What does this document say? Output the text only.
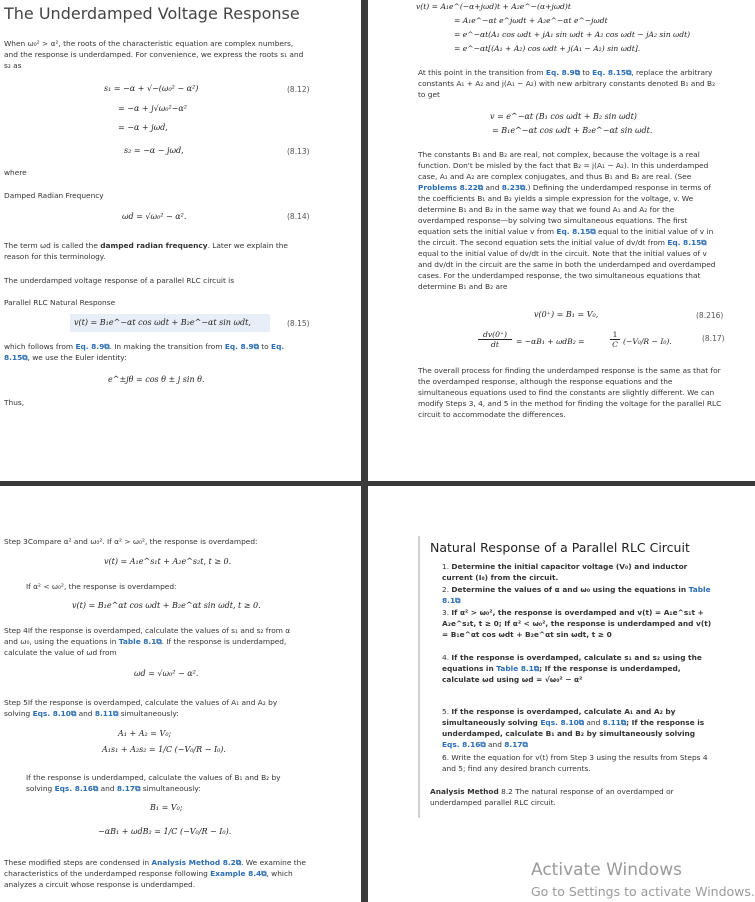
The Underdamped Voltage Response
When ω₀² > α², the roots of the characteristic equation are complex numbers, and the response is underdamped. For convenience, we express the roots s₁ and s₂ as
s₁ = −α + √−(ω₀² − α²)	(8.12)
= −α + j√ω₀²−α²
= −α + jωd,
s₂ = −α − jωd,	(8.13)
where
Damped Radian Frequency
ωd = √ω₀² − α².	(8.14)
The term ωd is called the damped radian frequency. Later we explain the reason for this terminology.
The underdamped voltage response of a parallel RLC circuit is
Parallel RLC Natural Response
v(t) = B₁e^−αt cos ωdt + B₂e^−αt sin ωdt,	(8.15)
which follows from Eq. 8.9⧉. In making the transition from Eq. 8.9⧉ to Eq. 8.15⧉, we use the Euler identity:
e^±jθ = cos θ ± j sin θ.
Thus,
v(t) = A₁e^(−α+jωd)t + A₂e^−(α+jωd)t
= A₁e^−αt e^jωdt + A₂e^−αt e^−jωdt
= e^−αt(A₁ cos ωdt + jA₁ sin ωdt + A₂ cos ωdt − jA₂ sin ωdt)
= e^−αt[(A₁ + A₂) cos ωdt + j(A₁ − A₂) sin ωdt].
At this point in the transition from Eq. 8.9⧉ to Eq. 8.15⧉, replace the arbitrary constants A₁ + A₂ and j(A₁ − A₂) with new arbitrary constants denoted B₁ and B₂ to get
v = e^−αt (B₁ cos ωdt + B₂ sin ωdt)
= B₁e^−αt cos ωdt + B₂e^−αt sin ωdt.
The constants B₁ and B₂ are real, not complex, because the voltage is a real function. Don't be misled by the fact that B₂ = j(A₁ − A₂). In this underdamped case, A₁ and A₂ are complex conjugates, and thus B₁ and B₂ are real. (See Problems 8.22⧉ and 8.23⧉.) Defining the underdamped response in terms of the coefficients B₁ and B₂ yields a simple expression for the voltage, v. We determine B₁ and B₂ in the same way that we found A₁ and A₂ for the overdamped response—by solving two simultaneous equations. The first equation sets the initial value v from Eq. 8.15⧉ equal to the initial value of v in the circuit. The second equation sets the initial value of dv/dt from Eq. 8.15⧉ equal to the initial value of dv/dt in the circuit. Note that the initial values of v and dv/dt in the circuit are the same in both the underdamped and overdamped cases. For the underdamped response, the two simultaneous equations that determine B₁ and B₂ are
v(0⁺) = B₁ = V₀,	(8.216)
$\frac{dv(0^+)}{dt} = -\alpha B_1 + \omega dB_2$ =	$\frac{1}{C} (-V_0/R - I_0)$.	(8.17)
The overall process for finding the underdamped response is the same as that for the overdamped response, although the response equations and the simultaneous equations used to find the constants are slightly different. We can modify Steps 3, 4, and 5 in the method for finding the voltage for the parallel RLC circuit to accommodate the differences.
Step 3Compare α² and ω₀². If α² > ω₀², the response is overdamped:
v(t) = A₁e^s₁t + A₂e^s₂t, t ≥ 0.
If α² < ω₀², the response is overdamped:
v(t) = B₁e^αt cos ωdt + B₂e^αt sin ωdt, t ≥ 0.
Step 4If the response is overdamped, calculate the values of s₁ and s₂ from α and ω₀, using the equations in Table 8.1⧉. If the response is underdamped, calculate the value of ωd from
ωd = √ω₀² − α².
Step 5If the response is overdamped, calculate the values of A₁ and A₂ by solving Eqs. 8.10⧉ and 8.11⧉ simultaneously:
A₁ + A₂ = V₀;
A₁s₁ + A₂s₂ = 1/C (−V₀/R − I₀).
If the response is underdamped, calculate the values of B₁ and B₂ by solving Eqs. 8.16⧉ and 8.17⧉ simultaneously:
B₁ = V₀;
−αB₁ + ωdB₂ = 1/C (−V₀/R − I₀).
These modified steps are condensed in Analysis Method 8.2⧉. We examine the characteristics of the underdamped response following Example 8.4⧉, which analyzes a circuit whose response is underdamped.
Natural Response of a Parallel RLC Circuit
1. Determine the initial capacitor voltage (V₀) and inductor current (I₀) from the circuit.
2. Determine the values of α and ω₀ using the equations in Table 8.1⧉
3. If α² > ω₀², the response is overdamped and v(t) = A₁e^s₁t + A₂e^s₂t, t ≥ 0; If α² < ω₀², the response is underdamped and v(t) = B₁e^αt cos ωdt + B₂e^αt sin ωdt, t ≥ 0
4. If the response is overdamped, calculate s₁ and s₂ using the equations in Table 8.1⧉; If the response is underdamped, calculate ωd using ωd = √ω₀² − α²
5. If the response is overdamped, calculate A₁ and A₂ by simultaneously solving Eqs. 8.10⧉ and 8.11⧉; If the response is underdamped, calculate B₁ and B₂ by simultaneously solving Eqs. 8.16⧉ and 8.17⧉
6. Write the equation for v(t) from Step 3 using the results from Steps 4 and 5; find any desired branch currents.
Analysis Method 8.2 The natural response of an overdamped or underdamped parallel RLC circuit.
Activate Windows
Go to Settings to activate Windows.
